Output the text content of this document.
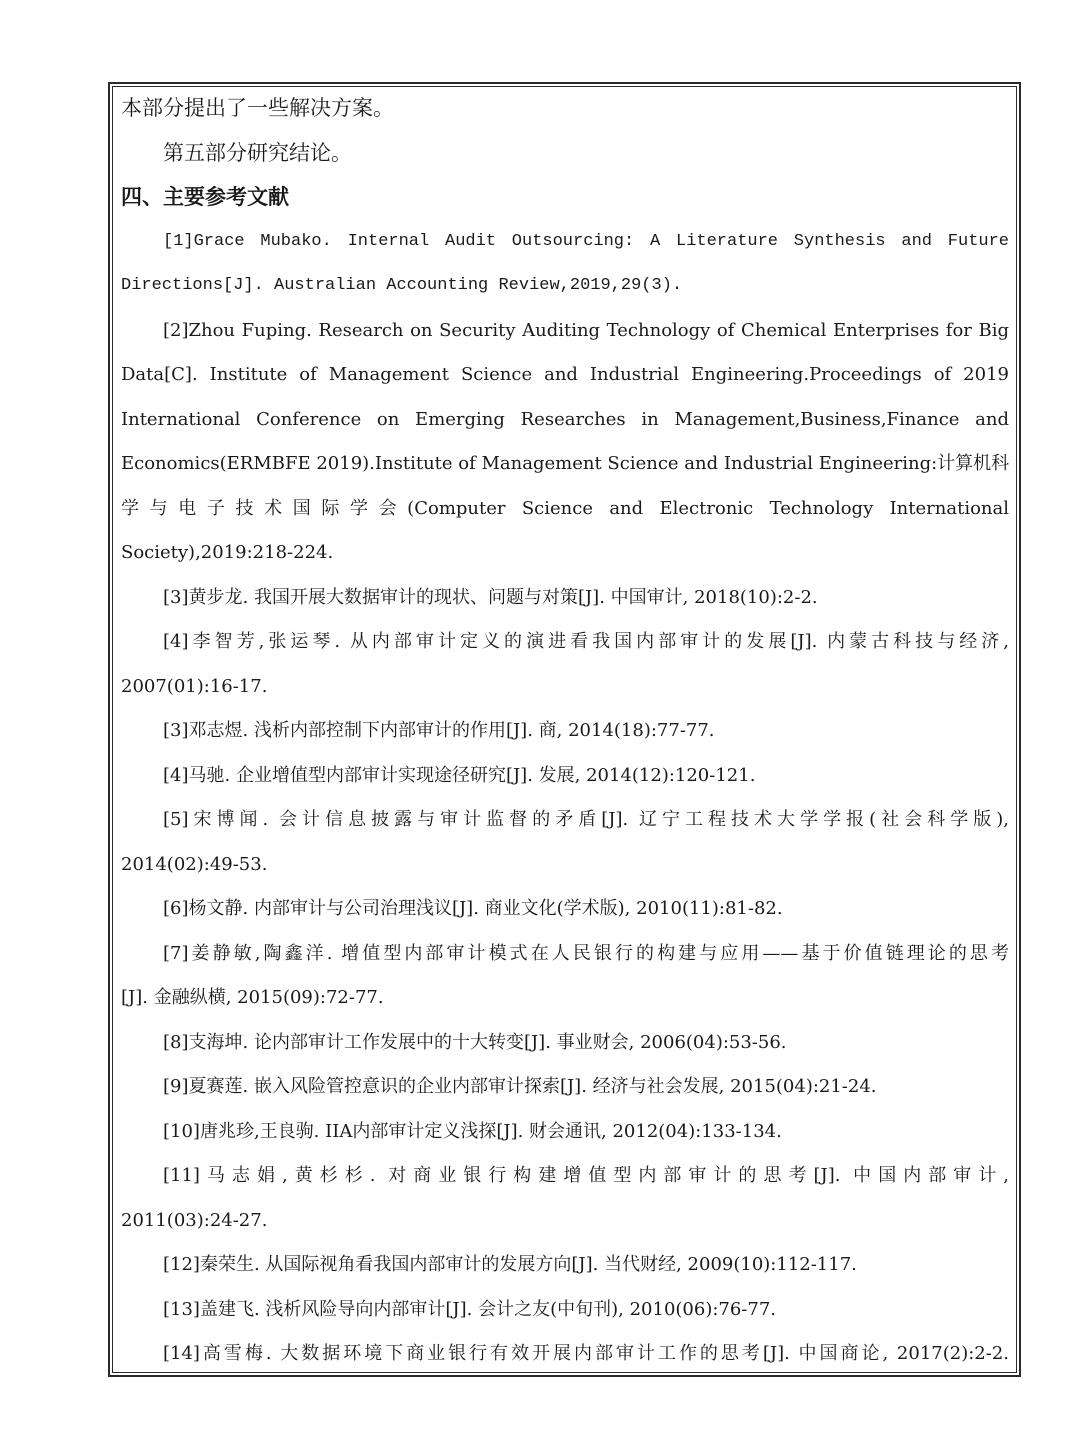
本部分提出了一些解决方案。
第五部分研究结论。
四、主要参考文献
[1]Grace Mubako. Internal Audit Outsourcing: A Literature Synthesis and Future
Directions[J]. Australian Accounting Review,2019,29(3).
[2]Zhou Fuping. Research on Security Auditing Technology of Chemical Enterprises for Big
Data[C]. Institute of Management Science and Industrial Engineering.Proceedings of 2019
International Conference on Emerging Researches in Management,Business,Finance and
Economics(ERMBFE 2019).Institute of Management Science and Industrial Engineering:计算机科
学与电子技术国际学会(Computer Science and Electronic Technology International
Society),2019:218-224.
[3]黄步龙. 我国开展大数据审计的现状、问题与对策[J]. 中国审计, 2018(10):2-2.
[4]李智芳,张运琴. 从内部审计定义的演进看我国内部审计的发展[J]. 内蒙古科技与经济,
2007(01):16-17.
[3]邓志煜. 浅析内部控制下内部审计的作用[J]. 商, 2014(18):77-77.
[4]马驰. 企业增值型内部审计实现途径研究[J]. 发展, 2014(12):120-121.
[5]宋博闻. 会计信息披露与审计监督的矛盾[J]. 辽宁工程技术大学学报(社会科学版),
2014(02):49-53.
[6]杨文静. 内部审计与公司治理浅议[J]. 商业文化(学术版), 2010(11):81-82.
[7]姜静敏,陶鑫洋. 增值型内部审计模式在人民银行的构建与应用——基于价值链理论的思考
[J]. 金融纵横, 2015(09):72-77.
[8]支海坤. 论内部审计工作发展中的十大转变[J]. 事业财会, 2006(04):53-56.
[9]夏赛莲. 嵌入风险管控意识的企业内部审计探索[J]. 经济与社会发展, 2015(04):21-24.
[10]唐兆珍,王良驹. IIA内部审计定义浅探[J]. 财会通讯, 2012(04):133-134.
[11]马志娟,黄杉杉. 对商业银行构建增值型内部审计的思考[J]. 中国内部审计,
2011(03):24-27.
[12]秦荣生. 从国际视角看我国内部审计的发展方向[J]. 当代财经, 2009(10):112-117.
[13]盖建飞. 浅析风险导向内部审计[J]. 会计之友(中旬刊), 2010(06):76-77.
[14]高雪梅. 大数据环境下商业银行有效开展内部审计工作的思考[J]. 中国商论, 2017(2):2-2.
